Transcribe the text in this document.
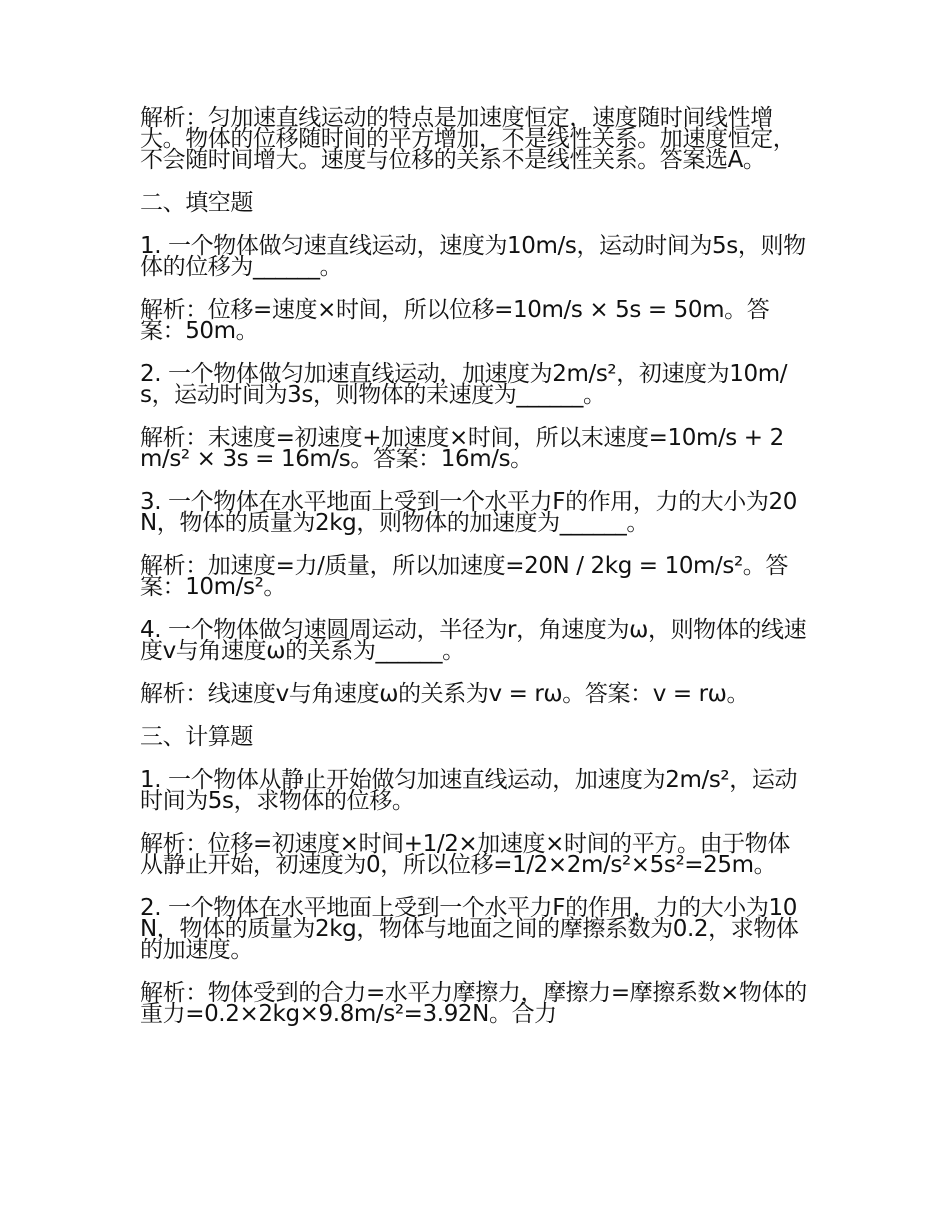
解析：匀加速直线运动的特点是加速度恒定，速度随时间线性增大。物体的位移随时间的平方增加，不是线性关系。加速度恒定，不会随时间增大。速度与位移的关系不是线性关系。答案选A。

二、填空题

1. 一个物体做匀速直线运动，速度为10m/s，运动时间为5s，则物体的位移为______。

解析：位移=速度×时间，所以位移=10m/s × 5s = 50m。答案：50m。

2. 一个物体做匀加速直线运动，加速度为2m/s²，初速度为10m/s，运动时间为3s，则物体的末速度为______。

解析：末速度=初速度+加速度×时间，所以末速度=10m/s + 2m/s² × 3s = 16m/s。答案：16m/s。

3. 一个物体在水平地面上受到一个水平力F的作用，力的大小为20N，物体的质量为2kg，则物体的加速度为______。

解析：加速度=力/质量，所以加速度=20N / 2kg = 10m/s²。答案：10m/s²。

4. 一个物体做匀速圆周运动，半径为r，角速度为ω，则物体的线速度v与角速度ω的关系为______。

解析：线速度v与角速度ω的关系为v = rω。答案：v = rω。

三、计算题

1. 一个物体从静止开始做匀加速直线运动，加速度为2m/s²，运动时间为5s，求物体的位移。

解析：位移=初速度×时间+1/2×加速度×时间的平方。由于物体从静止开始，初速度为0，所以位移=1/2×2m/s²×5s²=25m。

2. 一个物体在水平地面上受到一个水平力F的作用，力的大小为10N，物体的质量为2kg，物体与地面之间的摩擦系数为0.2，求物体的加速度。

解析：物体受到的合力=水平力摩擦力，摩擦力=摩擦系数×物体的重力=0.2×2kg×9.8m/s²=3.92N。合力
